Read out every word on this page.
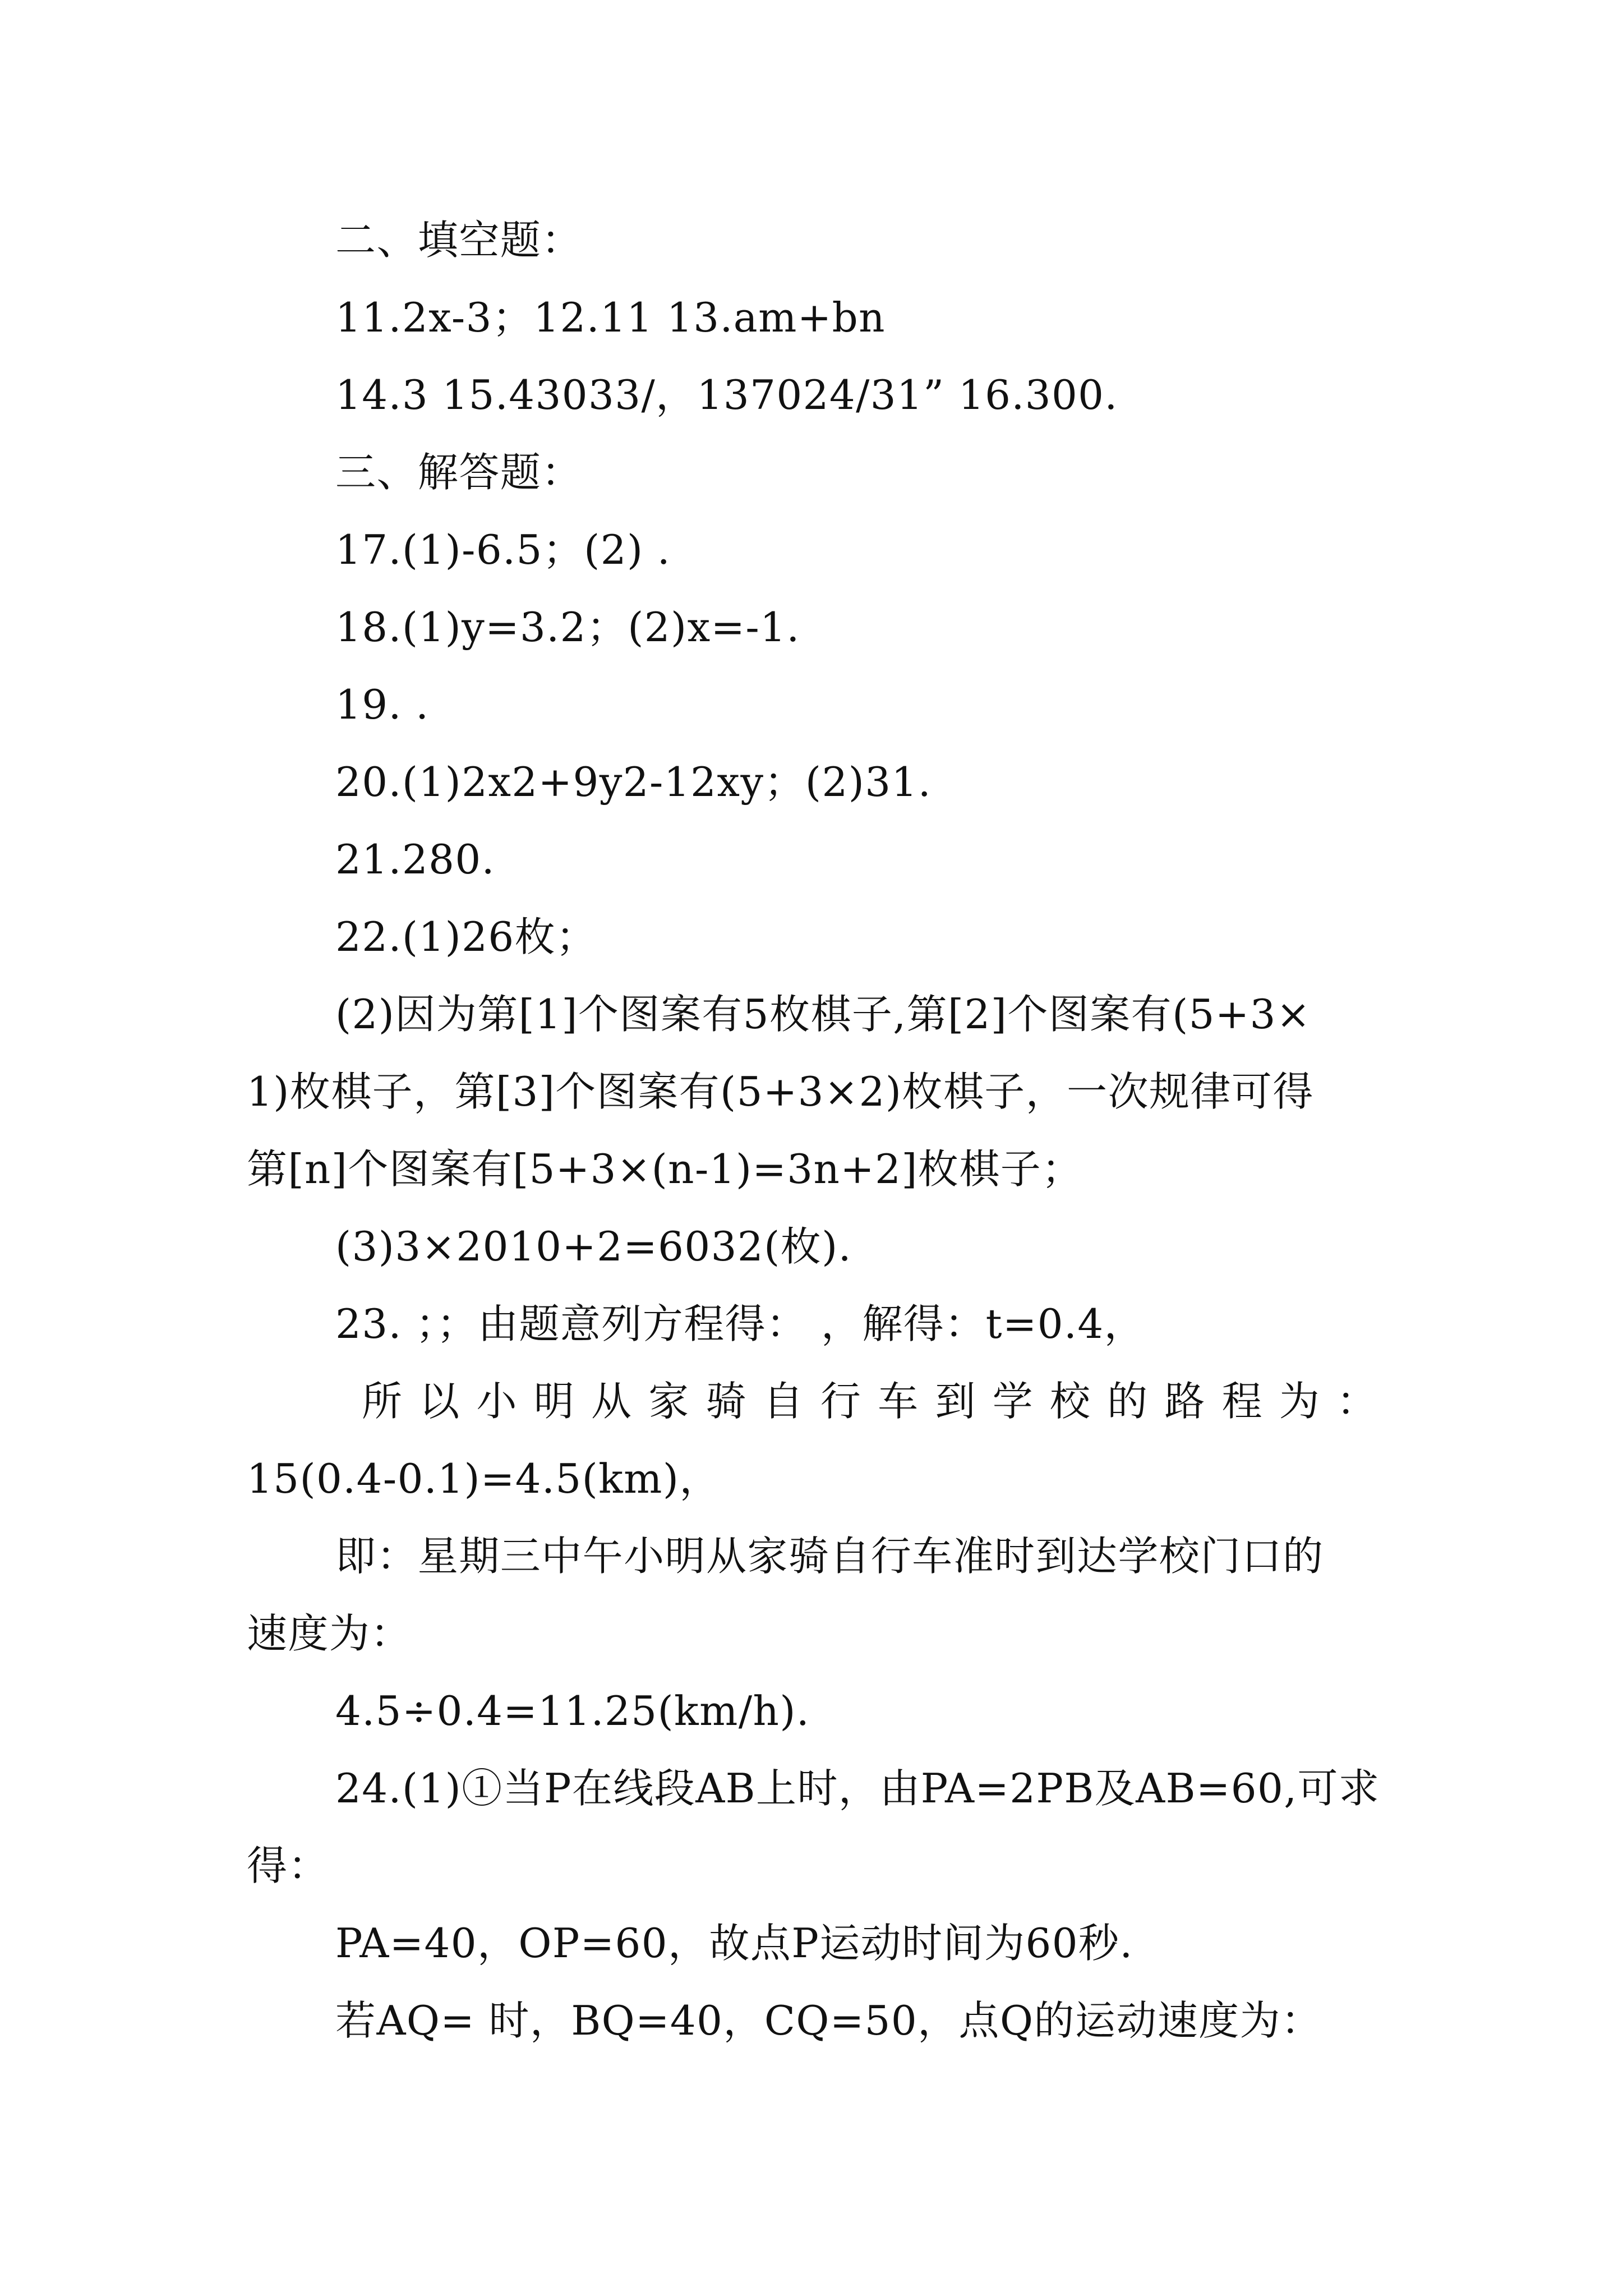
二、填空题：
11.2x-3；12.11 13.am+bn
14.3 15.43033/，137024/31” 16.300.
三、解答题：
17.(1)-6.5；(2) .
18.(1)y=3.2；(2)x=-1.
19. .
20.(1)2x2+9y2-12xy；(2)31.
21.280.
22.(1)26枚；
(2)因为第[1]个图案有5枚棋子,第[2]个图案有(5+3×
1)枚棋子，第[3]个图案有(5+3×2)枚棋子，一次规律可得
第[n]个图案有[5+3×(n-1)=3n+2]枚棋子；
(3)3×2010+2=6032(枚).
23. ；；由题意列方程得： ，解得：t=0.4，
所以小明从家骑自行车到学校的路程为：
15(0.4-0.1)=4.5(km)，
即：星期三中午小明从家骑自行车准时到达学校门口的
速度为：
4.5÷0.4=11.25(km/h).
24.(1)①当P在线段AB上时，由PA=2PB及AB=60,可求
得：
PA=40，OP=60，故点P运动时间为60秒.
若AQ= 时，BQ=40，CQ=50，点Q的运动速度为：
